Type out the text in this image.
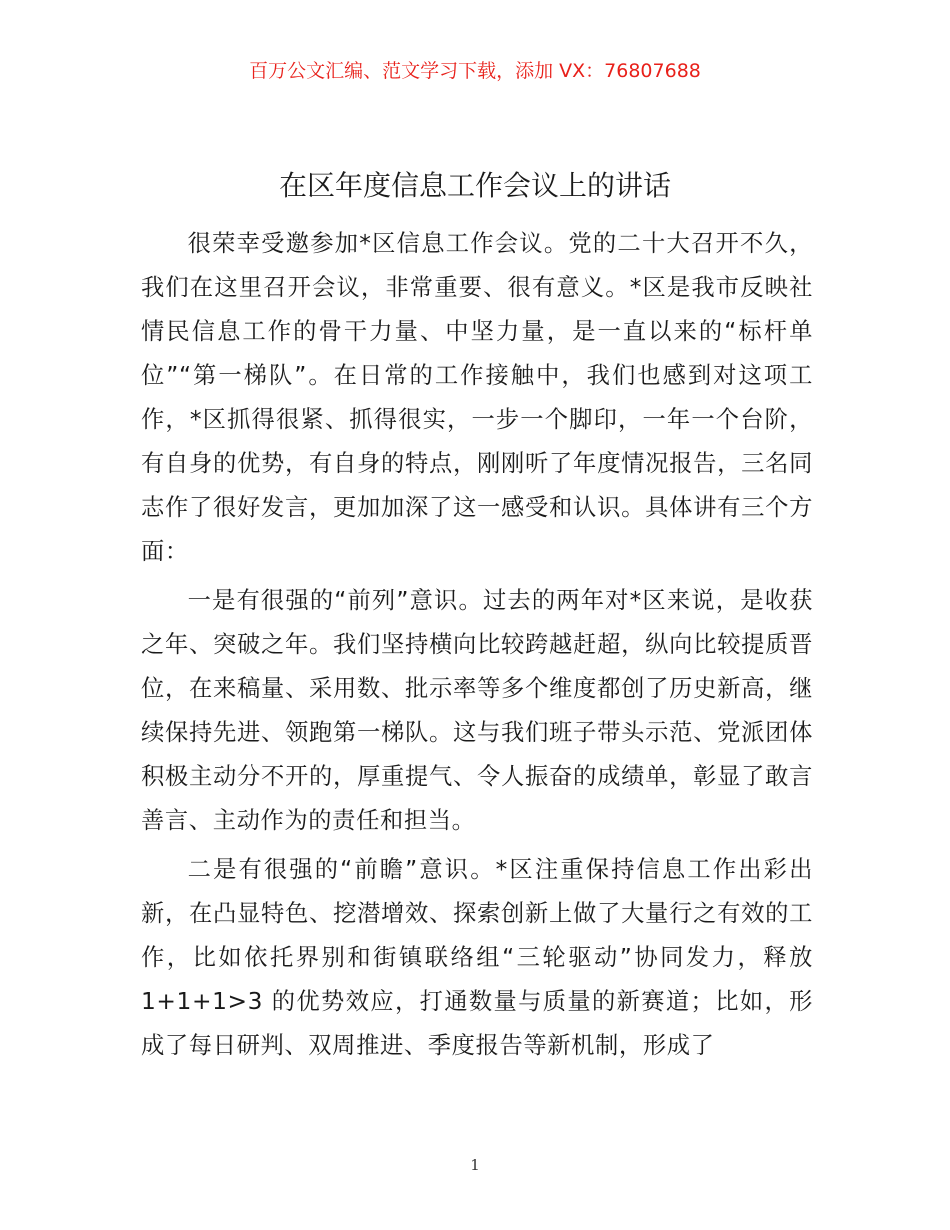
百万公文汇编、范文学习下载，添加 VX：76807688
在区年度信息工作会议上的讲话

很荣幸受邀参加*区信息工作会议。党的二十大召开不久，我们在这里召开会议，非常重要、很有意义。*区是我市反映社情民信息工作的骨干力量、中坚力量，是一直以来的“标杆单位”“第一梯队”。在日常的工作接触中，我们也感到对这项工作，*区抓得很紧、抓得很实，一步一个脚印，一年一个台阶，有自身的优势，有自身的特点，刚刚听了年度情况报告，三名同志作了很好发言，更加加深了这一感受和认识。具体讲有三个方面：

一是有很强的“前列”意识。过去的两年对*区来说，是收获之年、突破之年。我们坚持横向比较跨越赶超，纵向比较提质晋位，在来稿量、采用数、批示率等多个维度都创了历史新高，继续保持先进、领跑第一梯队。这与我们班子带头示范、党派团体积极主动分不开的，厚重提气、令人振奋的成绩单，彰显了敢言善言、主动作为的责任和担当。

二是有很强的“前瞻”意识。*区注重保持信息工作出彩出新，在凸显特色、挖潜增效、探索创新上做了大量行之有效的工作，比如依托界别和街镇联络组“三轮驱动”协同发力，释放 1+1+1>3 的优势效应，打通数量与质量的新赛道；比如，形成了每日研判、双周推进、季度报告等新机制，形成了

1
